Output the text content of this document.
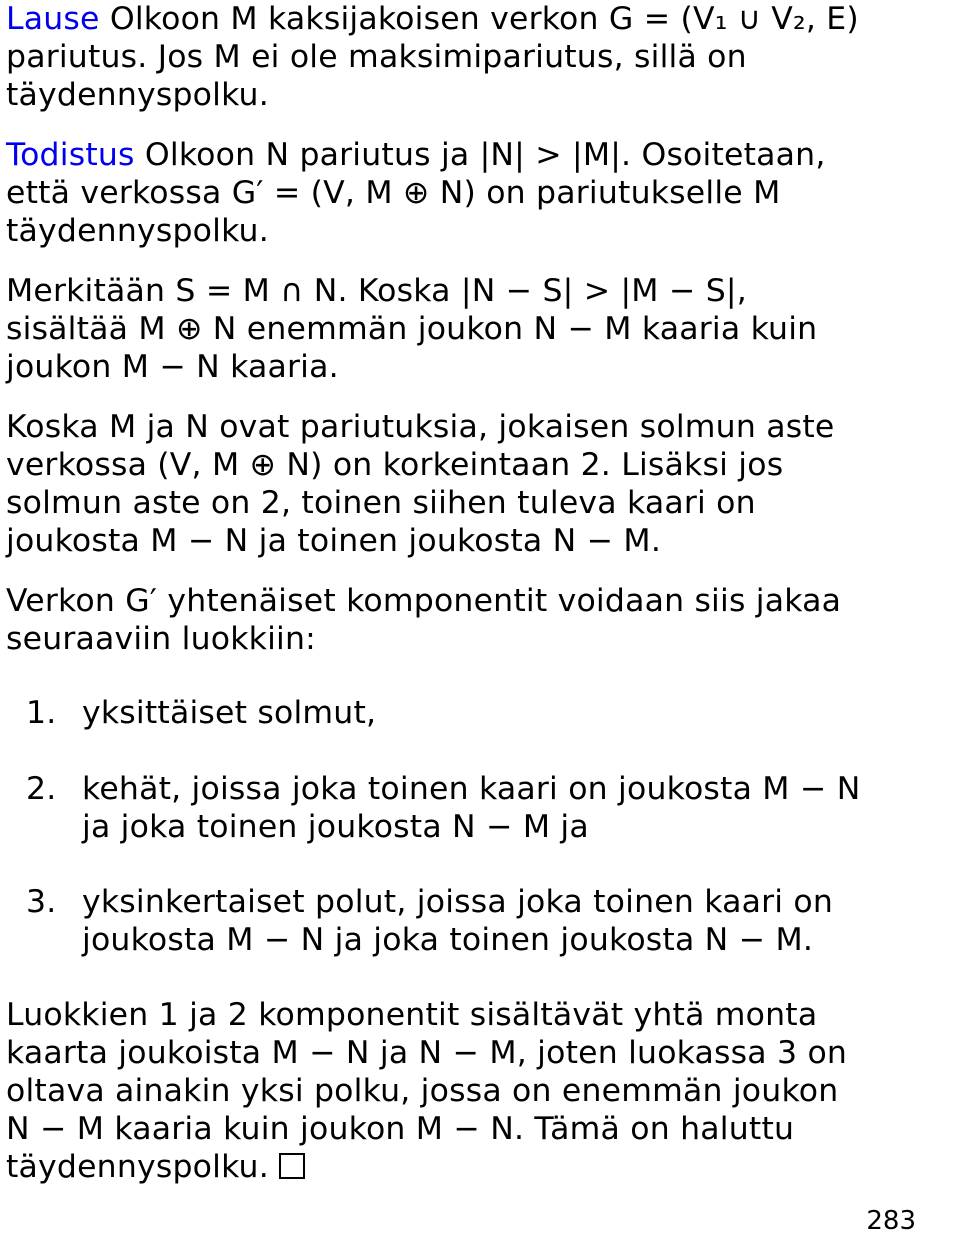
Lause Olkoon M kaksijakoisen verkon G = (V₁ ∪ V₂, E)
pariutus. Jos M ei ole maksimipariutus, sillä on
täydennyspolku.
Todistus Olkoon N pariutus ja |N| > |M|. Osoitetaan,
että verkossa G′ = (V, M ⊕ N) on pariutukselle M
täydennyspolku.
Merkitään S = M ∩ N. Koska |N − S| > |M − S|,
sisältää M ⊕ N enemmän joukon N − M kaaria kuin
joukon M − N kaaria.
Koska M ja N ovat pariutuksia, jokaisen solmun aste
verkossa (V, M ⊕ N) on korkeintaan 2. Lisäksi jos
solmun aste on 2, toinen siihen tuleva kaari on
joukosta M − N ja toinen joukosta N − M.
Verkon G′ yhtenäiset komponentit voidaan siis jakaa
seuraaviin luokkiin:
1. yksittäiset solmut,
2. kehät, joissa joka toinen kaari on joukosta M − N
ja joka toinen joukosta N − M ja
3. yksinkertaiset polut, joissa joka toinen kaari on
joukosta M − N ja joka toinen joukosta N − M.
Luokkien 1 ja 2 komponentit sisältävät yhtä monta
kaarta joukoista M − N ja N − M, joten luokassa 3 on
oltava ainakin yksi polku, jossa on enemmän joukon
N − M kaaria kuin joukon M − N. Tämä on haluttu
täydennyspolku.
283
